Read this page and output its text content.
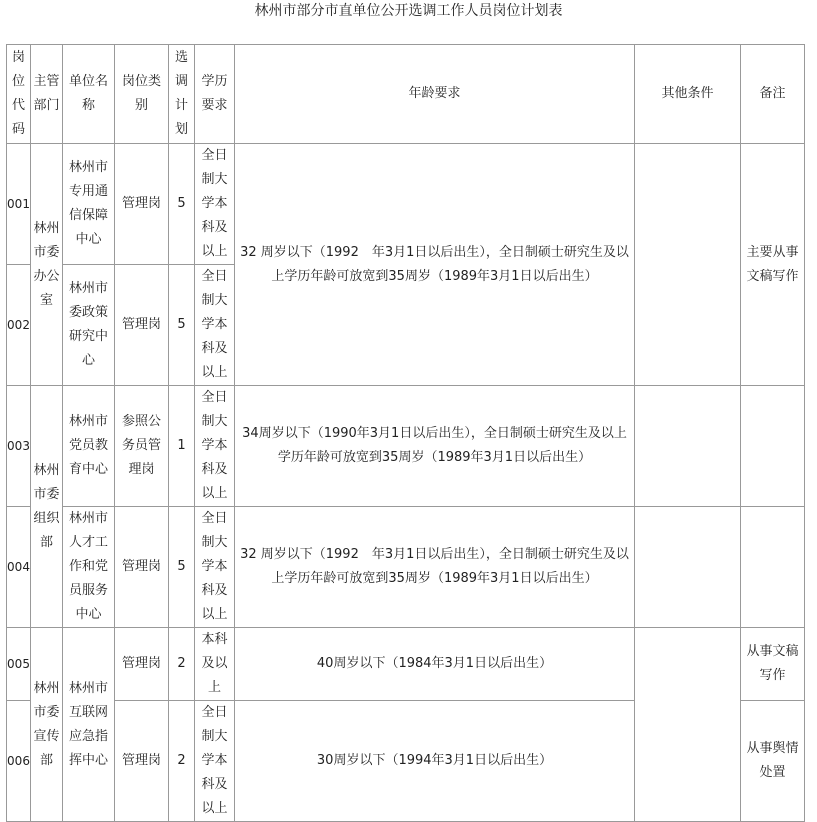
林州市部分市直单位公开选调工作人员岗位计划表
岗位代码	主管部门	单位名称	岗位类别	选调计划	学历要求	年龄要求	其他条件	备注
001	林州市委办公室	林州市专用通信保障中心	管理岗	5	全日制大学本科及以上	32 周岁以下（1992　年3月1日以后出生），全日制硕士研究生及以上学历年龄可放宽到35周岁（1989年3月1日以后出生）		主要从事文稿写作
002		林州市委政策研究中心	管理岗	5	全日制大学本科及以上			
003	林州市委组织部	林州市党员教育中心	参照公务员管理岗	1	全日制大学本科及以上	34周岁以下（1990年3月1日以后出生），全日制硕士研究生及以上学历年龄可放宽到35周岁（1989年3月1日以后出生）		
004		林州市人才工作和党员服务中心	管理岗	5	全日制大学本科及以上	32 周岁以下（1992　年3月1日以后出生），全日制硕士研究生及以上学历年龄可放宽到35周岁（1989年3月1日以后出生）		
005	林州市委宣传部	林州市互联网应急指挥中心	管理岗	2	本科及以上	40周岁以下（1984年3月1日以后出生）		从事文稿写作
006			管理岗	2	全日制大学本科及以上	30周岁以下（1994年3月1日以后出生）		从事舆情处置
